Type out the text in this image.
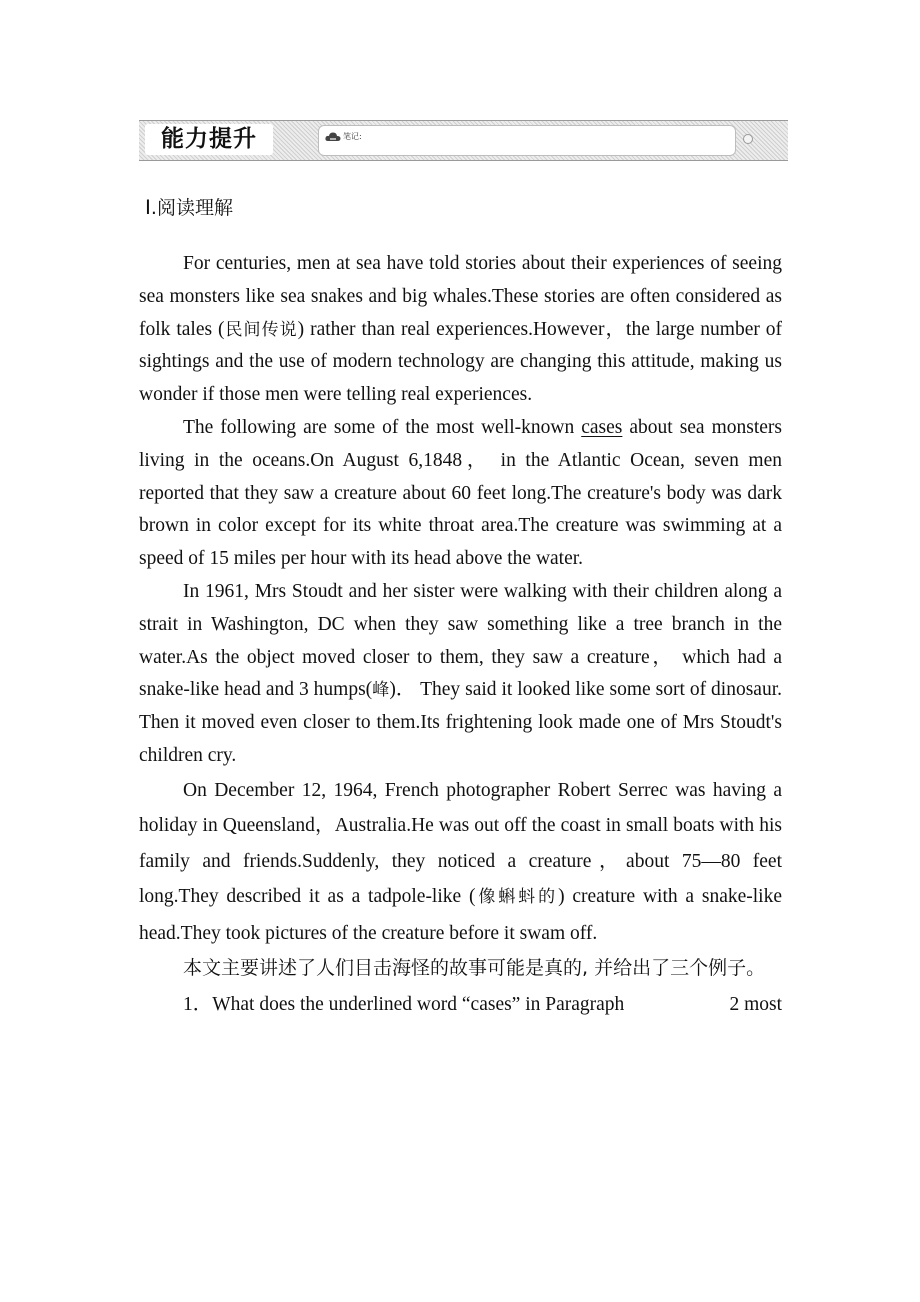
能力提升	笔记:
Ⅰ.阅读理解

For centuries, men at sea have told stories about their experiences of seeing sea monsters like sea snakes and big whales.These stories are often considered as folk tales (民间传说) rather than real experiences.However，the large number of sightings and the use of modern technology are changing this attitude, making us wonder if those men were telling real experiences.

The following are some of the most well-known cases about sea monsters living in the oceans.On August 6,1848， in the Atlantic Ocean, seven men reported that they saw a creature about 60 feet long.The creature's body was dark brown in color except for its white throat area.The creature was swimming at a speed of 15 miles per hour with its head above the water.

In 1961, Mrs Stoudt and her sister were walking with their children along a strait in Washington, DC when they saw something like a tree branch in the water.As the object moved closer to them, they saw a creature， which had a snake-like head and 3 humps(峰)． They said it looked like some sort of dinosaur. Then it moved even closer to them.Its frightening look made one of Mrs Stoudt's children cry.

On December 12, 1964, French photographer Robert Serrec was having a holiday in Queensland，Australia.He was out off the coast in small boats with his family and friends.Suddenly, they noticed a creature，about 75—80 feet long.They described it as a tadpole-like (像蝌蚪的) creature with a snake-like head.They took pictures of the creature before it swam off.

本文主要讲述了人们目击海怪的故事可能是真的, 并给出了三个例子。

1．What does the underlined word “cases” in Paragraph	2 most
